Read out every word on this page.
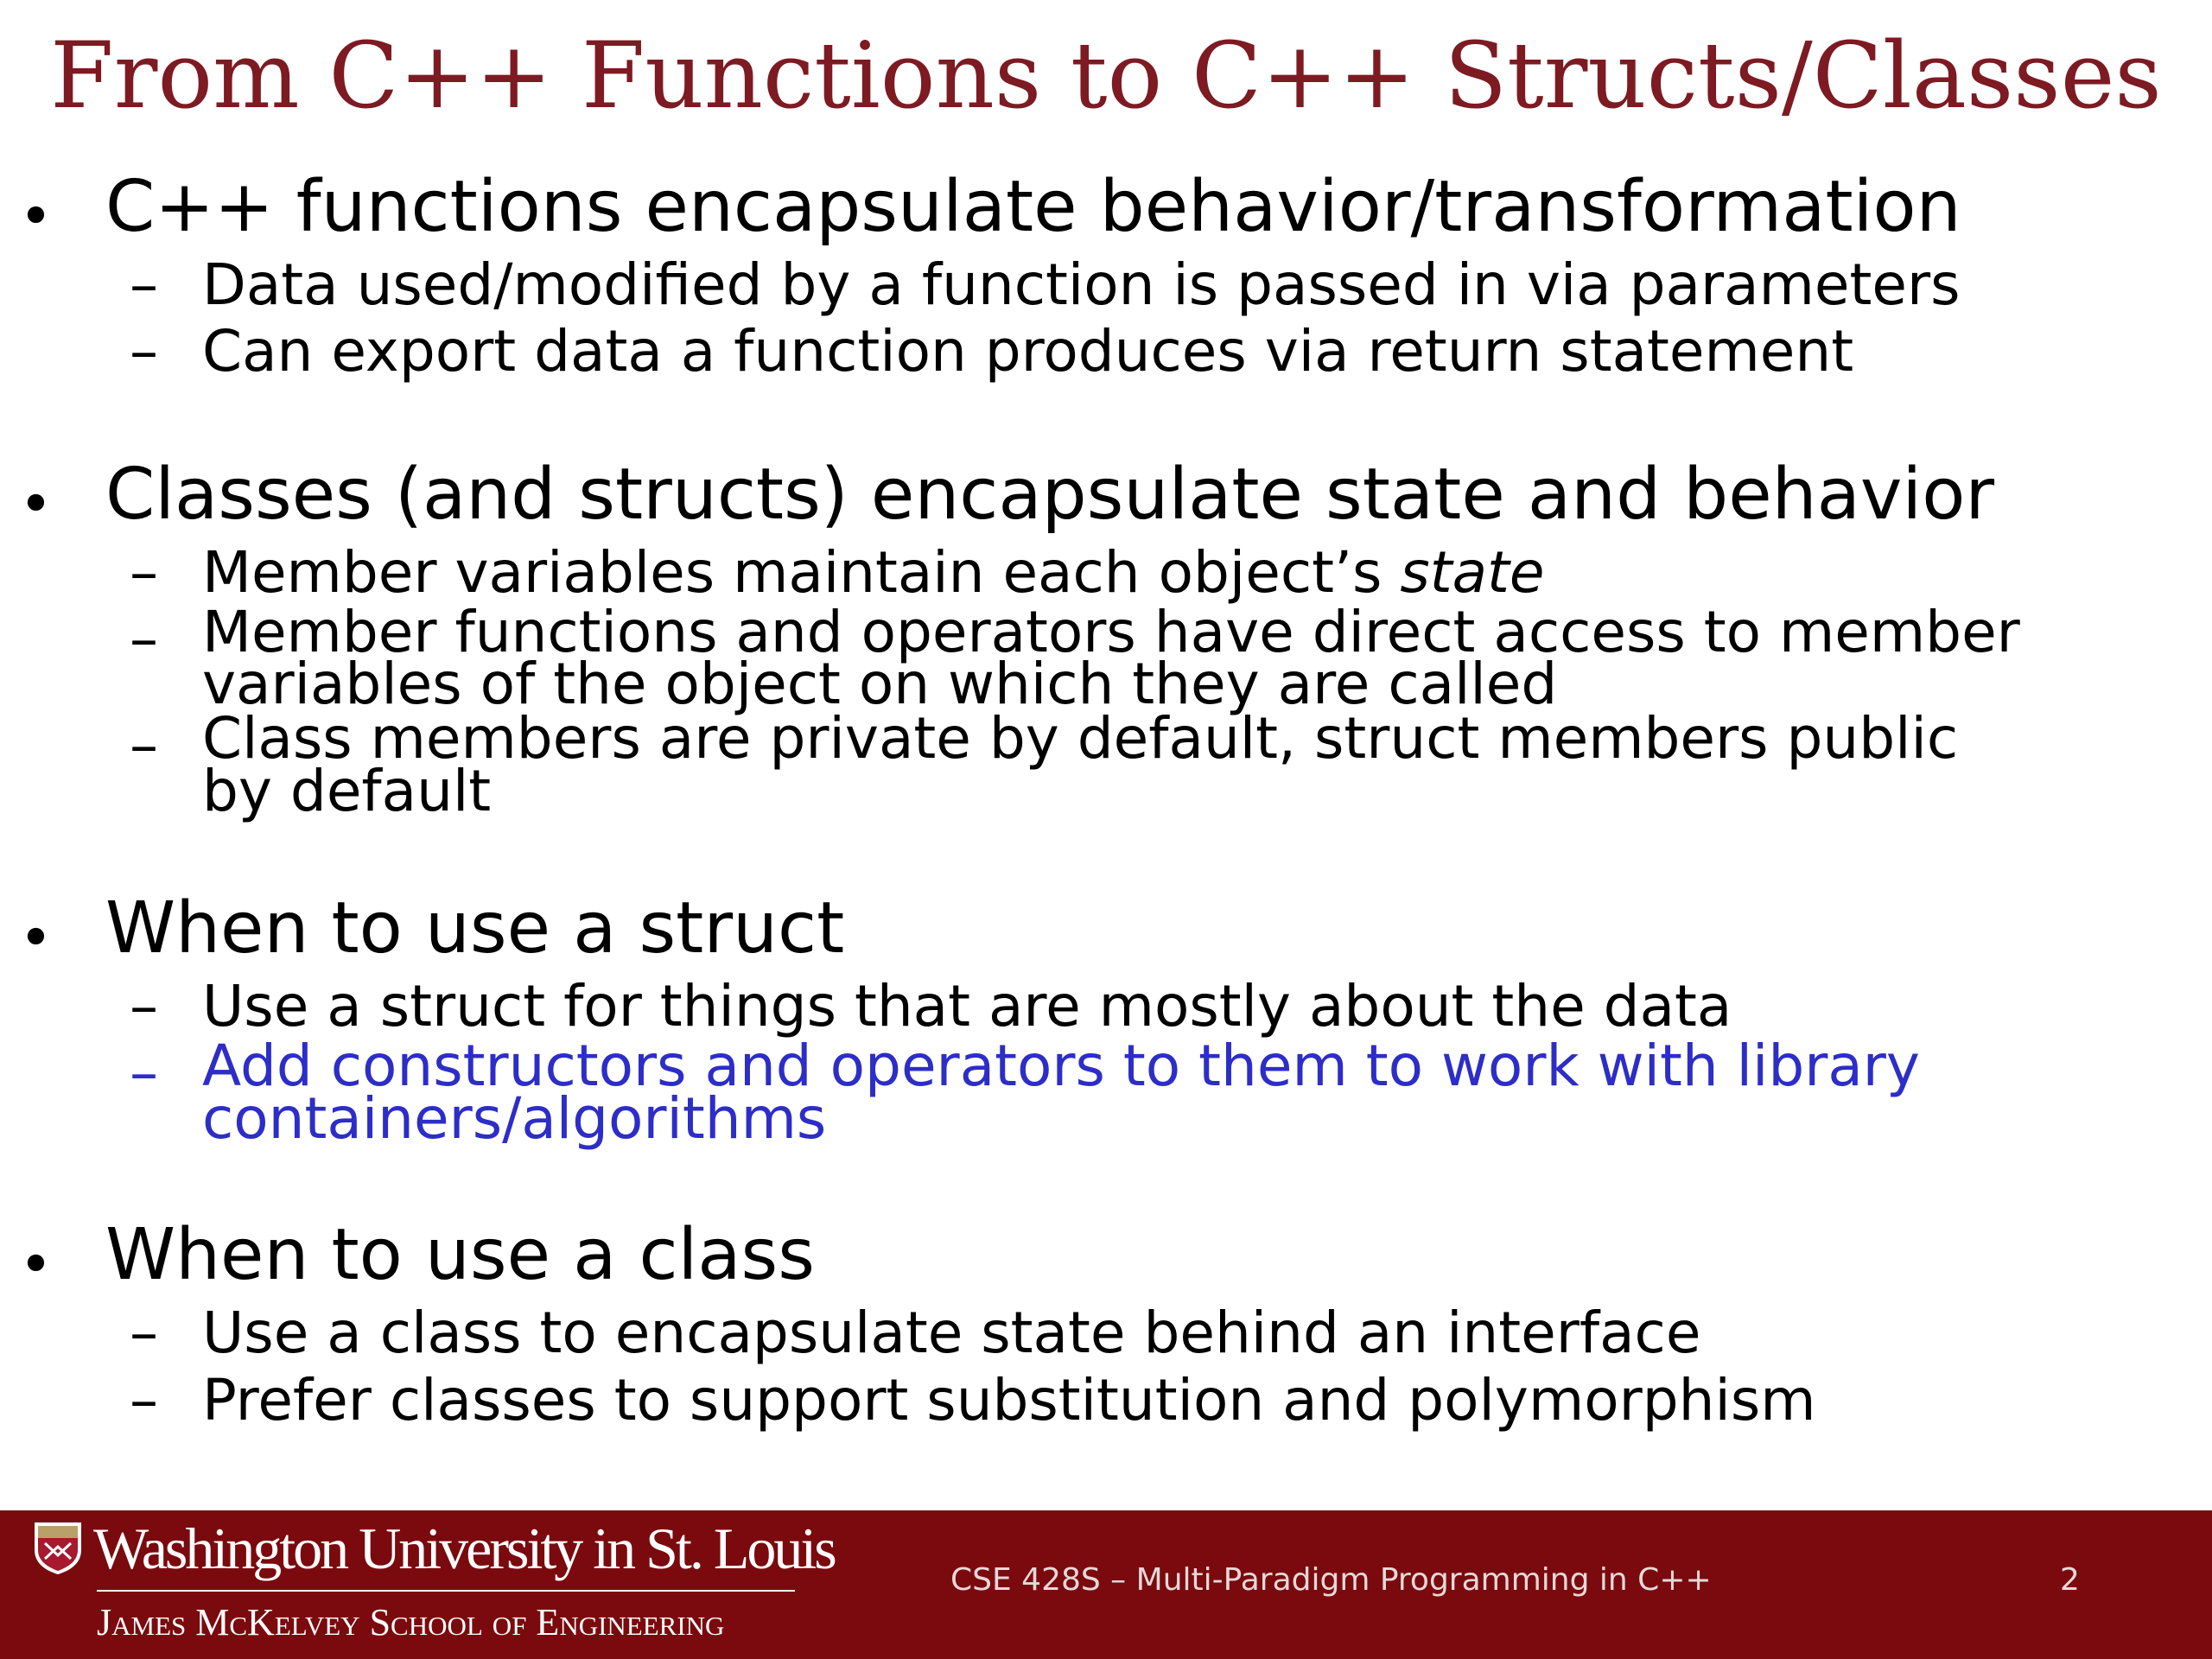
From C++ Functions to C++ Structs/Classes
• C++ functions encapsulate behavior/transformation
– Data used/modified by a function is passed in via parameters
– Can export data a function produces via return statement
• Classes (and structs) encapsulate state and behavior
– Member variables maintain each object’s state
– Member functions and operators have direct access to member
variables of the object on which they are called
– Class members are private by default, struct members public
by default
• When to use a struct
– Use a struct for things that are mostly about the data
– Add constructors and operators to them to work with library
containers/algorithms
• When to use a class
– Use a class to encapsulate state behind an interface
– Prefer classes to support substitution and polymorphism
Washington University in St. Louis
James McKelvey School of Engineering
CSE 428S – Multi-Paradigm Programming in C++	2
